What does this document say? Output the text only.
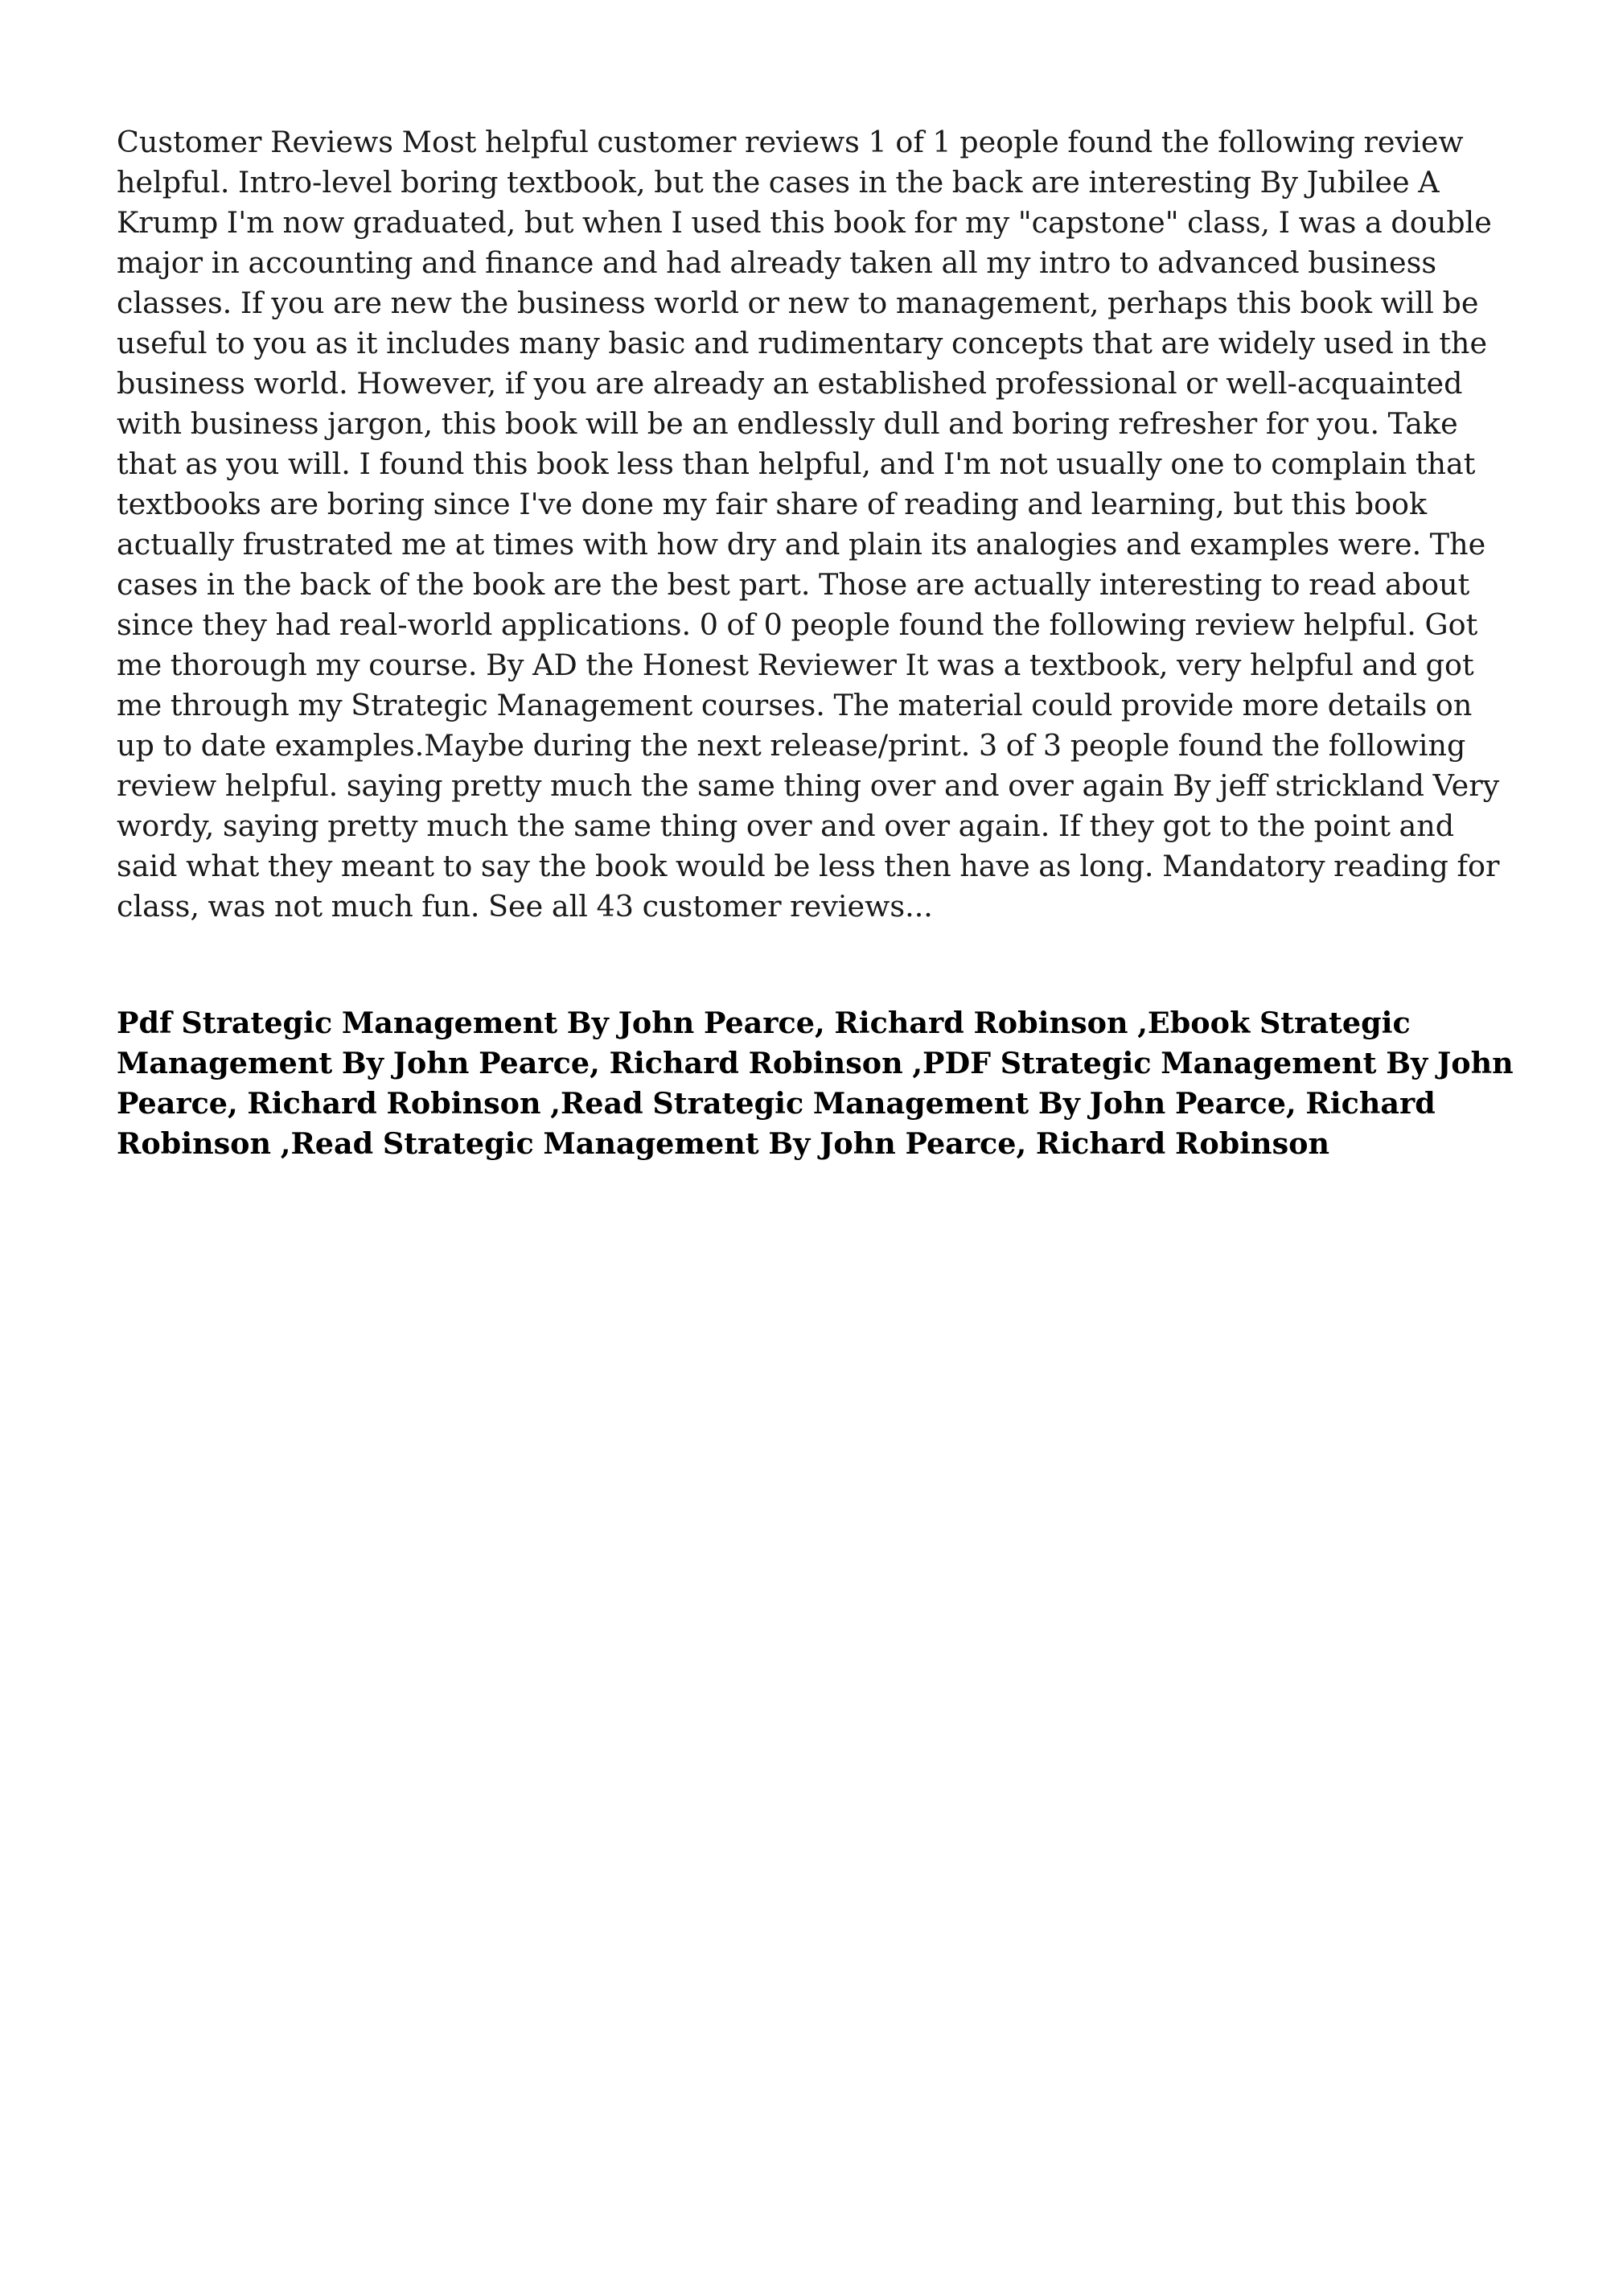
Customer Reviews Most helpful customer reviews 1 of 1 people found the following review helpful. Intro-level boring textbook, but the cases in the back are interesting By Jubilee A Krump I'm now graduated, but when I used this book for my "capstone" class, I was a double major in accounting and finance and had already taken all my intro to advanced business classes. If you are new the business world or new to management, perhaps this book will be useful to you as it includes many basic and rudimentary concepts that are widely used in the business world. However, if you are already an established professional or well-acquainted with business jargon, this book will be an endlessly dull and boring refresher for you. Take that as you will. I found this book less than helpful, and I'm not usually one to complain that textbooks are boring since I've done my fair share of reading and learning, but this book actually frustrated me at times with how dry and plain its analogies and examples were. The cases in the back of the book are the best part. Those are actually interesting to read about since they had real-world applications. 0 of 0 people found the following review helpful. Got me thorough my course. By AD the Honest Reviewer It was a textbook, very helpful and got me through my Strategic Management courses. The material could provide more details on up to date examples.Maybe during the next release/print. 3 of 3 people found the following review helpful. saying pretty much the same thing over and over again By jeff strickland Very wordy, saying pretty much the same thing over and over again. If they got to the point and said what they meant to say the book would be less then have as long. Mandatory reading for class, was not much fun. See all 43 customer reviews...

Pdf Strategic Management By John Pearce, Richard Robinson ,Ebook Strategic Management By John Pearce, Richard Robinson ,PDF Strategic Management By John Pearce, Richard Robinson ,Read Strategic Management By John Pearce, Richard Robinson ,Read Strategic Management By John Pearce, Richard Robinson
